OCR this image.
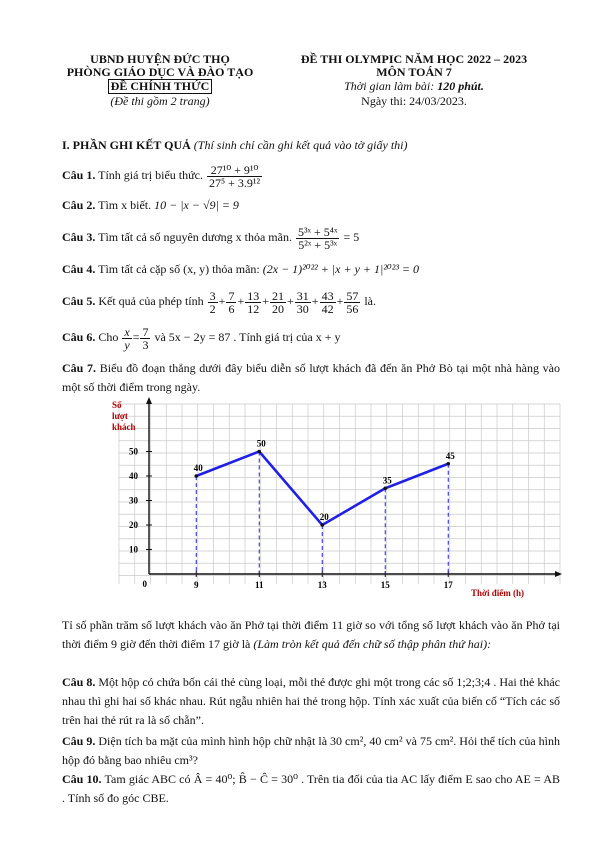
UBND HUYỆN ĐỨC THỌ
PHÒNG GIÁO DỤC VÀ ĐÀO TẠO
ĐỀ CHÍNH THỨC
(Đề thi gồm 2 trang)
ĐỀ THI OLYMPIC NĂM HỌC 2022 – 2023
MÔN TOÁN 7
Thời gian làm bài: 120 phút.
Ngày thi: 24/03/2023.
I. PHẦN GHI KẾT QUẢ (Thí sinh chỉ cần ghi kết quả vào tờ giấy thi)
Câu 1. Tính giá trị biểu thức. $\frac{\text{27¹⁰ + 9¹⁰}}{\text{27⁵ + 3.9¹²}}$
Câu 2. Tìm x biết. 10 − |x − √9| = 9
Câu 3. Tìm tất cả số nguyên dương x thỏa mãn. $\frac{\text{5³ˣ + 5⁴ˣ}}{\text{5²ˣ + 5³ˣ}} = 5$
Câu 4. Tìm tất cả cặp số (x, y) thỏa mãn: (2x − 1)²⁰²² + |x + y + 1|²⁰²³ = 0
Câu 5. Kết quả của phép tính $\frac{3}{2} + \frac{7}{6} + \frac{13}{12} + \frac{21}{20} + \frac{31}{30} + \frac{43}{42} + \frac{57}{56}$ là.
Câu 6. Cho $\frac{x}{y} = \frac{7}{3}$ và 5x − 2y = 87 . Tính giá trị của x + y
Câu 7. Biểu đồ đoạn thẳng dưới đây biểu diễn số lượt khách đã đến ăn Phở Bò tại một nhà hàng vào một số thời điểm trong ngày.
Số
lượt
khách
Thời điểm (h)
10
20
30
40
50
0	9	11	13	15	17
40
50
20
35
45
Tỉ số phần trăm số lượt khách vào ăn Phở tại thời điểm 11 giờ so với tổng số lượt khách vào ăn Phở tại thời điểm 9 giờ đến thời điểm 17 giờ là (Làm tròn kết quả đến chữ số thập phân thứ hai):
Câu 8. Một hộp có chứa bốn cái thẻ cùng loại, mỗi thẻ được ghi một trong các số 1;2;3;4 . Hai thẻ khác nhau thì ghi hai số khác nhau. Rút ngẫu nhiên hai thẻ trong hộp. Tính xác xuất của biến cố “Tích các số trên hai thẻ rút ra là số chẵn”.
Câu 9. Diện tích ba mặt của mình hình hộp chữ nhật là 30 cm², 40 cm² và 75 cm². Hỏi thể tích của hình hộp đó bằng bao nhiêu cm³?
Câu 10. Tam giác ABC có Â = 40⁰; B̂ − Ĉ = 30⁰ . Trên tia đối của tia AC lấy điểm E sao cho AE = AB . Tính số đo góc CBE.
